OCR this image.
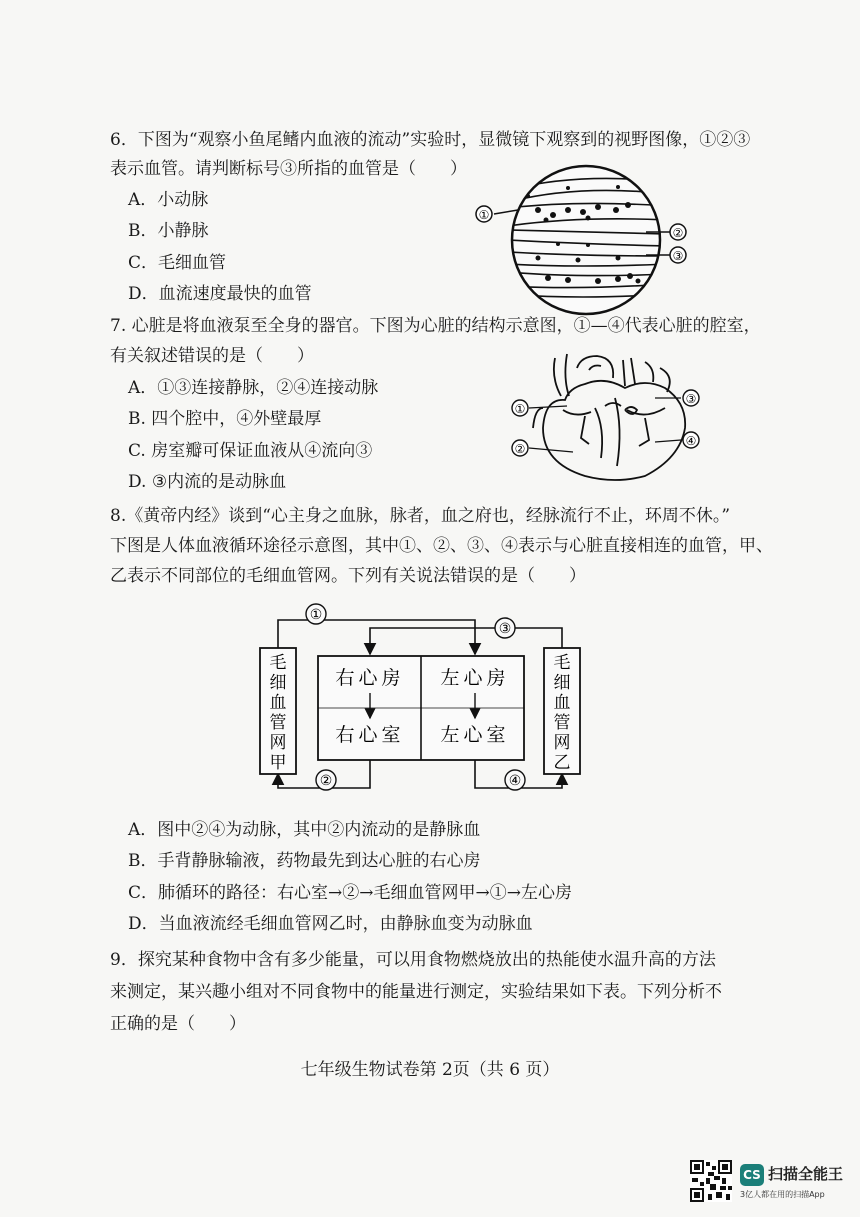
6．下图为“观察小鱼尾鳍内血液的流动”实验时，显微镜下观察到的视野图像，①②③
表示血管。请判断标号③所指的血管是（　　）
A．小动脉
B．小静脉
C．毛细血管
D．血流速度最快的血管
①
②
③
7. 心脏是将血液泵至全身的器官。下图为心脏的结构示意图，①—④代表心脏的腔室，
有关叙述错误的是（　　）
A．①③连接静脉，②④连接动脉
B. 四个腔中，④外壁最厚
C. 房室瓣可保证血液从④流向③
D. ③内流的是动脉血
①
②
③
④
8.《黄帝内经》谈到“心主身之血脉，脉者，血之府也，经脉流行不止，环周不休。”
下图是人体血液循环途径示意图，其中①、②、③、④表示与心脏直接相连的血管，甲、
乙表示不同部位的毛细血管网。下列有关说法错误的是（　　）
右心房
右心室
左心房
左心室
毛
细
血
管
网
甲
毛
细
血
管
网
乙
①
②
③
④
A．图中②④为动脉，其中②内流动的是静脉血
B．手背静脉输液，药物最先到达心脏的右心房
C．肺循环的路径：右心室→②→毛细血管网甲→①→左心房
D．当血液流经毛细血管网乙时，由静脉血变为动脉血
9．探究某种食物中含有多少能量，可以用食物燃烧放出的热能使水温升高的方法
来测定，某兴趣小组对不同食物中的能量进行测定，实验结果如下表。下列分析不
正确的是（　　）
七年级生物试卷第 2页（共 6 页）
CS 扫描全能王
3亿人都在用的扫描App
